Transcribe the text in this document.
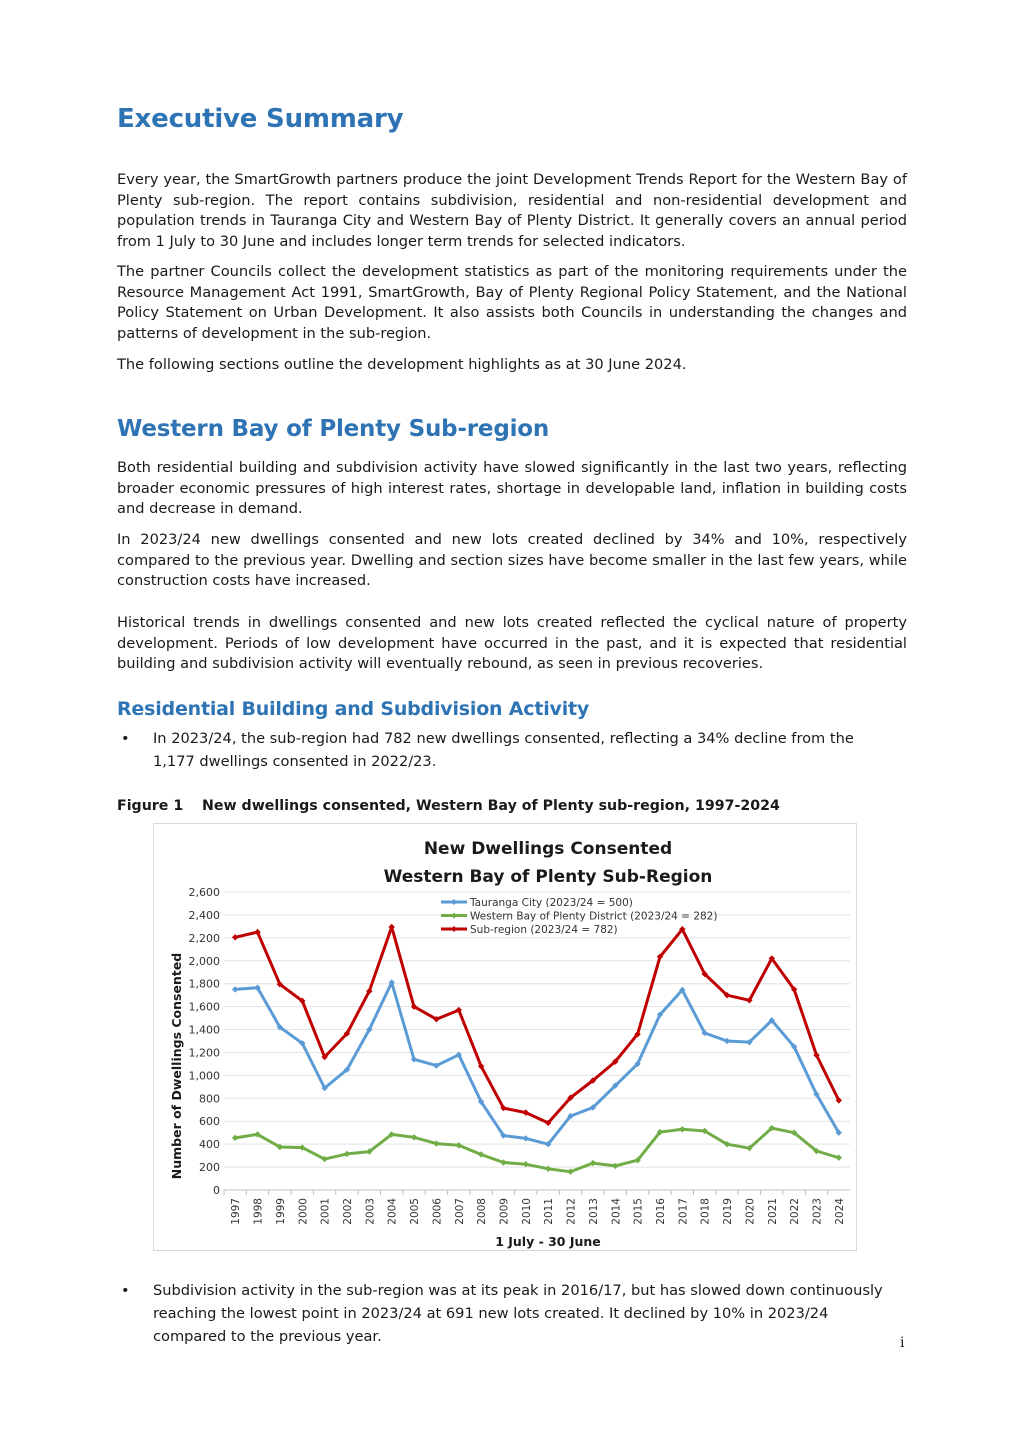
Executive Summary

Every year, the SmartGrowth partners produce the joint Development Trends Report for the Western Bay of Plenty sub-region. The report contains subdivision, residential and non-residential development and population trends in Tauranga City and Western Bay of Plenty District. It generally covers an annual period from 1 July to 30 June and includes longer term trends for selected indicators.

The partner Councils collect the development statistics as part of the monitoring requirements under the Resource Management Act 1991, SmartGrowth, Bay of Plenty Regional Policy Statement, and the National Policy Statement on Urban Development. It also assists both Councils in understanding the changes and patterns of development in the sub-region.

The following sections outline the development highlights as at 30 June 2024.

Western Bay of Plenty Sub-region

Both residential building and subdivision activity have slowed significantly in the last two years, reflecting broader economic pressures of high interest rates, shortage in developable land, inflation in building costs and decrease in demand.

In 2023/24 new dwellings consented and new lots created declined by 34% and 10%, respectively compared to the previous year. Dwelling and section sizes have become smaller in the last few years, while construction costs have increased.

Historical trends in dwellings consented and new lots created reflected the cyclical nature of property development. Periods of low development have occurred in the past, and it is expected that residential building and subdivision activity will eventually rebound, as seen in previous recoveries.

Residential Building and Subdivision Activity
• In 2023/24, the sub-region had 782 new dwellings consented, reflecting a 34% decline from the 1,177 dwellings consented in 2022/23.
Figure 1 New dwellings consented, Western Bay of Plenty sub-region, 1997-2024
New Dwellings Consented
Western Bay of Plenty Sub-Region
0
200
400
600
800
1,000
1,200
1,400
1,600
1,800
2,000
2,200
2,400
2,600
1997 1998 1999 2000 2001 2002 2003 2004 2005 2006 2007 2008 2009 2010 2011 2012 2013 2014 2015 2016 2017 2018 2019 2020 2021 2022 2023 2024
Tauranga City (2023/24 = 500)
Western Bay of Plenty District (2023/24 = 282)
Sub-region (2023/24 = 782)
1 July - 30 June
Number of Dwellings Consented
• Subdivision activity in the sub-region was at its peak in 2016/17, but has slowed down continuously reaching the lowest point in 2023/24 at 691 new lots created. It declined by 10% in 2023/24 compared to the previous year.	i
